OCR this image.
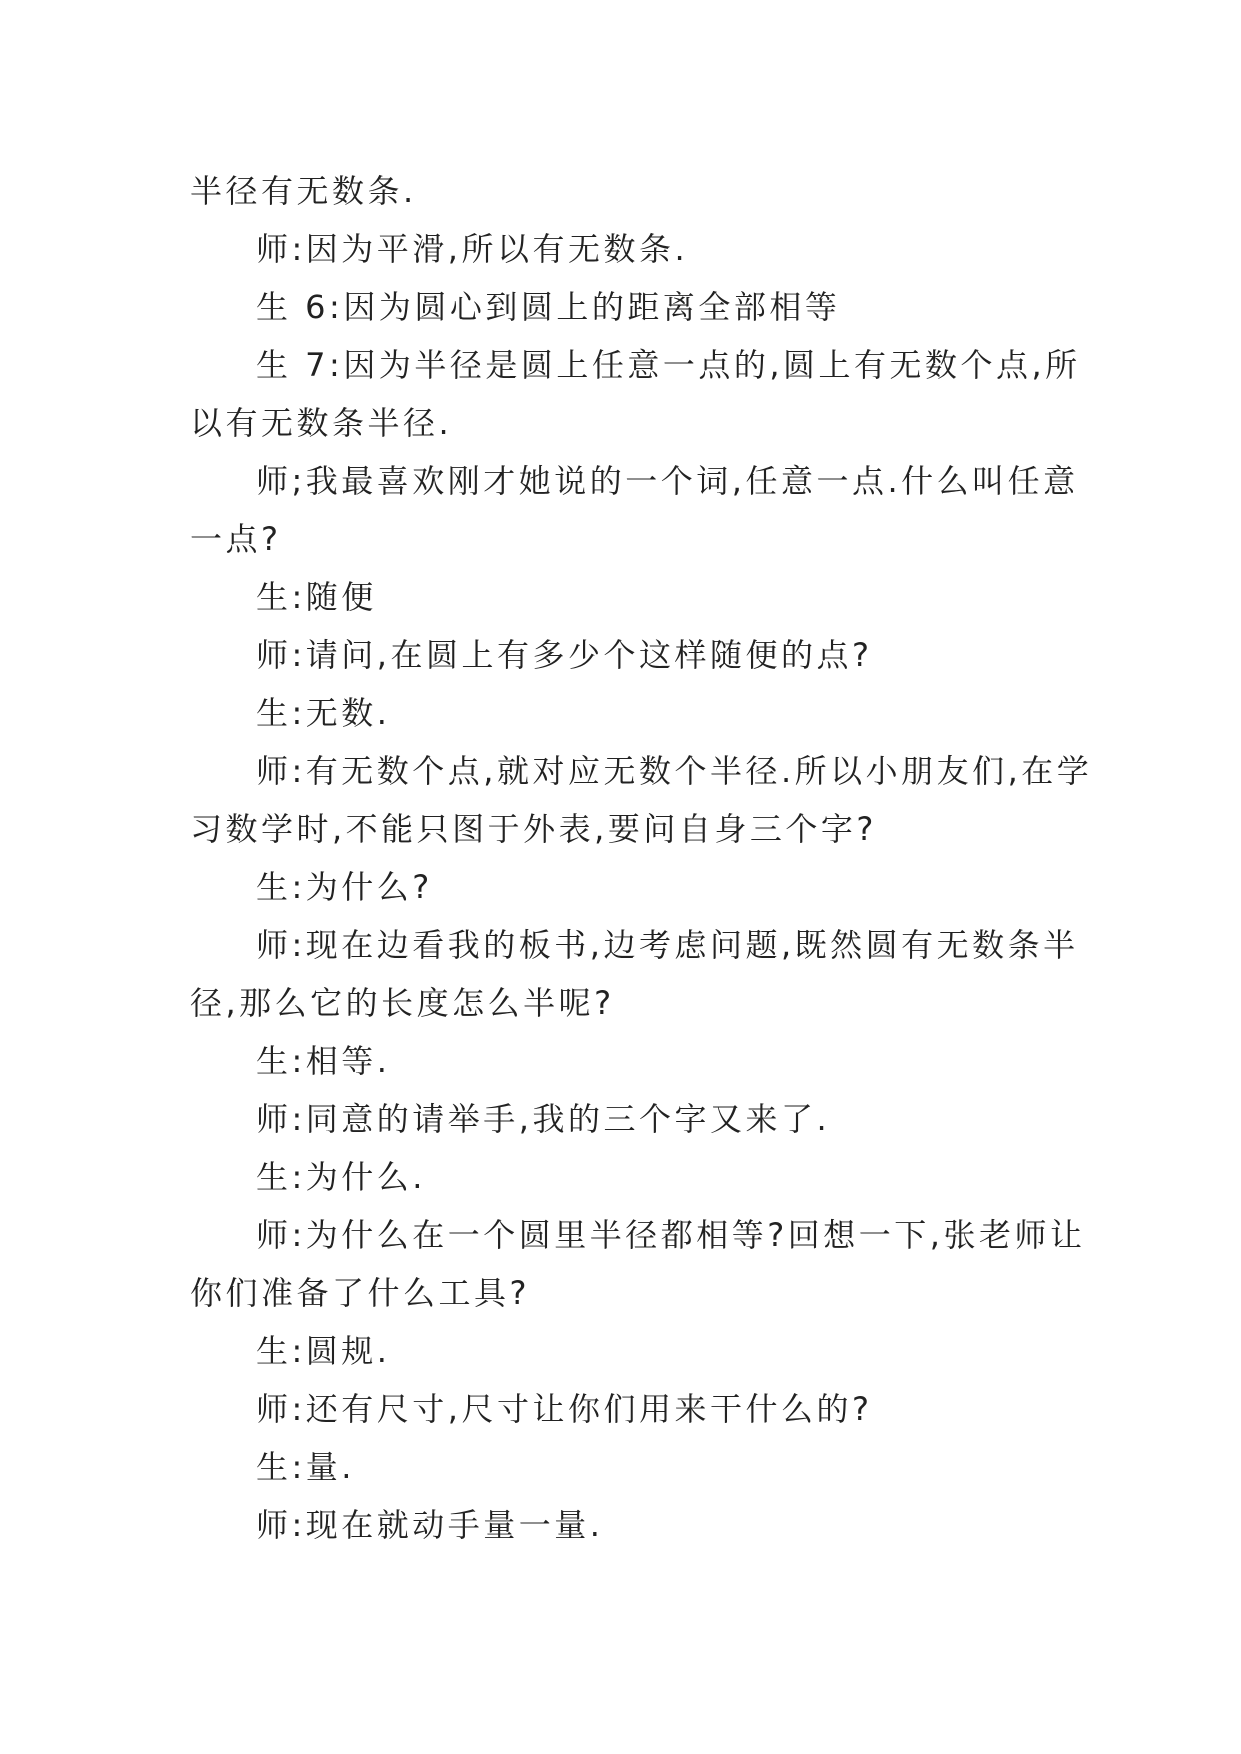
半径有无数条.

师:因为平滑,所以有无数条.

生 6:因为圆心到圆上的距离全部相等

生 7:因为半径是圆上任意一点的,圆上有无数个点,所

以有无数条半径.

师;我最喜欢刚才她说的一个词,任意一点.什么叫任意

一点?

生:随便

师:请问,在圆上有多少个这样随便的点?

生:无数.

师:有无数个点,就对应无数个半径.所以小朋友们,在学

习数学时,不能只图于外表,要问自身三个字?

生:为什么?

师:现在边看我的板书,边考虑问题,既然圆有无数条半

径,那么它的长度怎么半呢?

生:相等.

师:同意的请举手,我的三个字又来了.

生:为什么.

师:为什么在一个圆里半径都相等?回想一下,张老师让

你们准备了什么工具?

生:圆规.

师:还有尺寸,尺寸让你们用来干什么的?

生:量.

师:现在就动手量一量.
